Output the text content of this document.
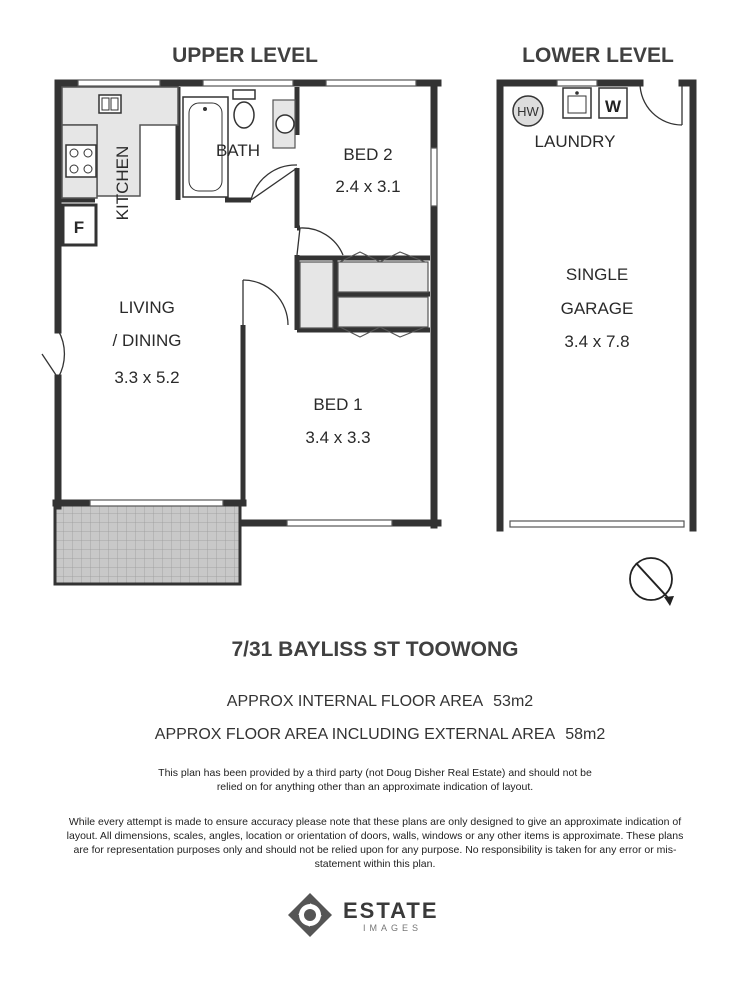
UPPER LEVEL	LOWER LEVEL
F
KITCHEN	BATH	BED 2
2.4 x 3.1
LIVING
/ DINING
3.3 x 5.2
BED 1
3.4 x 3.3
HW	W
LAUNDRY
SINGLE
GARAGE
3.4 x 7.8
7/31 BAYLISS ST TOOWONG

APPROX INTERNAL FLOOR AREA 53m2

APPROX FLOOR AREA INCLUDING EXTERNAL AREA 58m2

This plan has been provided by a third party (not Doug Disher Real Estate) and should not be relied on for anything other than an approximate indication of layout.

While every attempt is made to ensure accuracy please note that these plans are only designed to give an approximate indication of layout. All dimensions, scales, angles, location or orientation of doors, walls, windows or any other items is approximate. These plans are for representation purposes only and should not be relied upon for any purpose. No responsibility is taken for any error or mis-statement within this plan.

ESTATE
IMAGES
